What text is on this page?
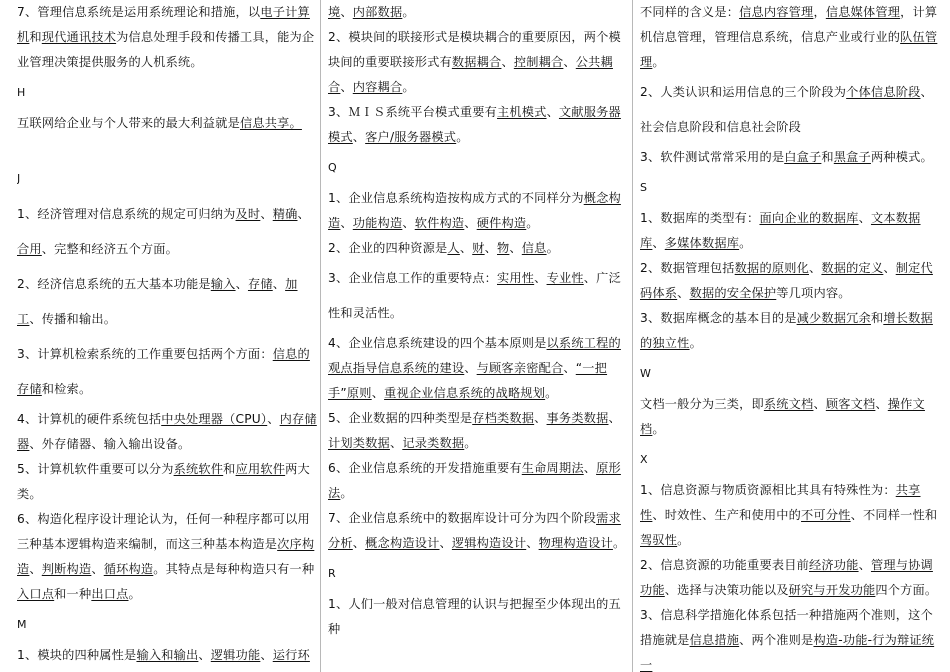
7、管理信息系统是运用系统理论和措施，以电子计算机和现代通讯技术为信息处理手段和传播工具，能为企业管理决策提供服务的人机系统。
H
互联网给企业与个人带来的最大利益就是信息共享。
J
1、经济管理对信息系统的规定可归纳为及时、精确、合用、完整和经济五个方面。
2、经济信息系统的五大基本功能是输入、存储、加工、传播和输出。
3、计算机检索系统的工作重要包括两个方面：信息的存储和检索。
4、计算机的硬件系统包括中央处理器（CPU）、内存储器、外存储器、输入输出设备。
5、计算机软件重要可以分为系统软件和应用软件两大类。
6、构造化程序设计理论认为，任何一种程序都可以用三种基本逻辑构造来编制，而这三种基本构造是次序构造、判断构造、循环构造。其特点是每种构造只有一种入口点和一种出口点。
M
1、模块的四种属性是输入和输出、逻辑功能、运行环
境、内部数据。
2、模块间的联接形式是模块耦合的重要原因，两个模块间的重要联接形式有数据耦合、控制耦合、公共耦合、内容耦合。
3、ＭＩＳ系统平台模式重要有主机模式、文献服务器模式、客户/服务器模式。
Q
1、企业信息系统构造按构成方式的不同样分为概念构造、功能构造、软件构造、硬件构造。
2、企业的四种资源是人、财、物、信息。
3、企业信息工作的重要特点：实用性、专业性、广泛性和灵活性。
4、企业信息系统建设的四个基本原则是以系统工程的观点指导信息系统的建设、与顾客亲密配合、“一把手”原则、重视企业信息系统的战略规划。
5、企业数据的四种类型是存档类数据、事务类数据、计划类数据、记录类数据。
6、企业信息系统的开发措施重要有生命周期法、原形法。
7、企业信息系统中的数据库设计可分为四个阶段需求分析、概念构造设计、逻辑构造设计、物理构造设计。
R
1、人们一般对信息管理的认识与把握至少体现出的五种
不同样的含义是：信息内容管理，信息媒体管理，计算机信息管理，管理信息系统，信息产业或行业的队伍管理。
2、人类认识和运用信息的三个阶段为个体信息阶段、社会信息阶段和信息社会阶段
3、软件测试常常采用的是白盒子和黑盒子两种模式。
S
1、数据库的类型有：面向企业的数据库、文本数据库、多媒体数据库。
2、数据管理包括数据的原则化、数据的定义、制定代码体系、数据的安全保护等几项内容。
3、数据库概念的基本目的是减少数据冗余和增长数据的独立性。
W
文档一般分为三类，即系统文档、顾客文档、操作文档。
X
1、信息资源与物质资源相比其具有特殊性为：共享性、时效性、生产和使用中的不可分性、不同样一性和驾驭性。
2、信息资源的功能重要表目前经济功能、管理与协调功能、选择与决策功能以及研究与开发功能四个方面。
3、信息科学措施化体系包括一种措施两个准则，这个措施就是信息措施、两个准则是构造-功能-行为辩证统一
